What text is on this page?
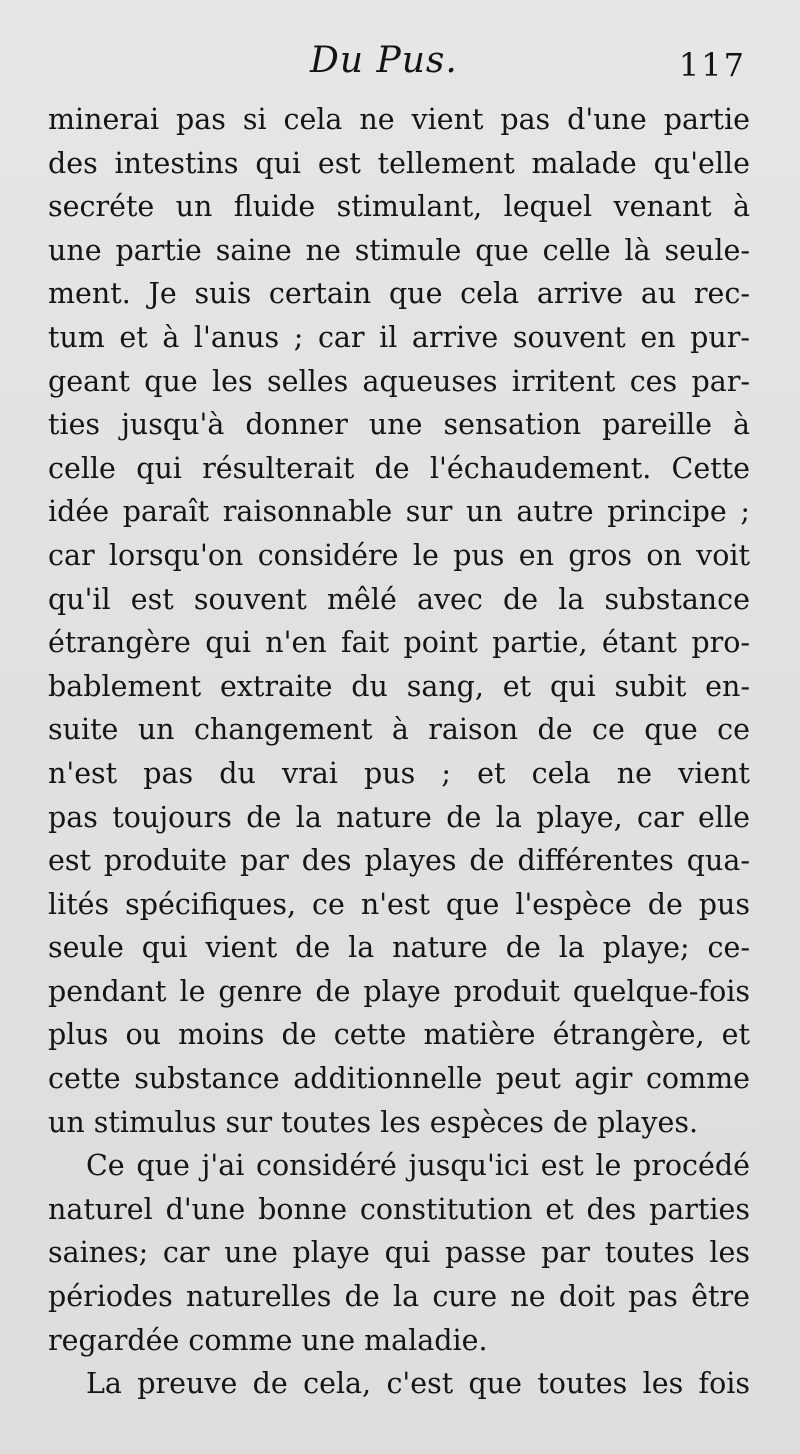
Du Pus.	117
minerai pas si cela ne vient pas d'une partie
des intestins qui est tellement malade qu'elle
secréte un fluide stimulant, lequel venant à
une partie saine ne stimule que celle là seule-
ment. Je suis certain que cela arrive au rec-
tum et à l'anus ; car il arrive souvent en pur-
geant que les selles aqueuses irritent ces par-
ties jusqu'à donner une sensation pareille à
celle qui résulterait de l'échaudement. Cette
idée paraît raisonnable sur un autre principe ;
car lorsqu'on considére le pus en gros on voit
qu'il est souvent mêlé avec de la substance
étrangère qui n'en fait point partie, étant pro-
bablement extraite du sang, et qui subit en-
suite un changement à raison de ce que ce
n'est pas du vrai pus ; et cela ne vient
pas toujours de la nature de la playe, car elle
est produite par des playes de différentes qua-
lités spécifiques, ce n'est que l'espèce de pus
seule qui vient de la nature de la playe; ce-
pendant le genre de playe produit quelque-fois
plus ou moins de cette matière étrangère, et
cette substance additionnelle peut agir comme
un stimulus sur toutes les espèces de playes.
Ce que j'ai considéré jusqu'ici est le procédé
naturel d'une bonne constitution et des parties
saines; car une playe qui passe par toutes les
périodes naturelles de la cure ne doit pas être
regardée comme une maladie.
La preuve de cela, c'est que toutes les fois
